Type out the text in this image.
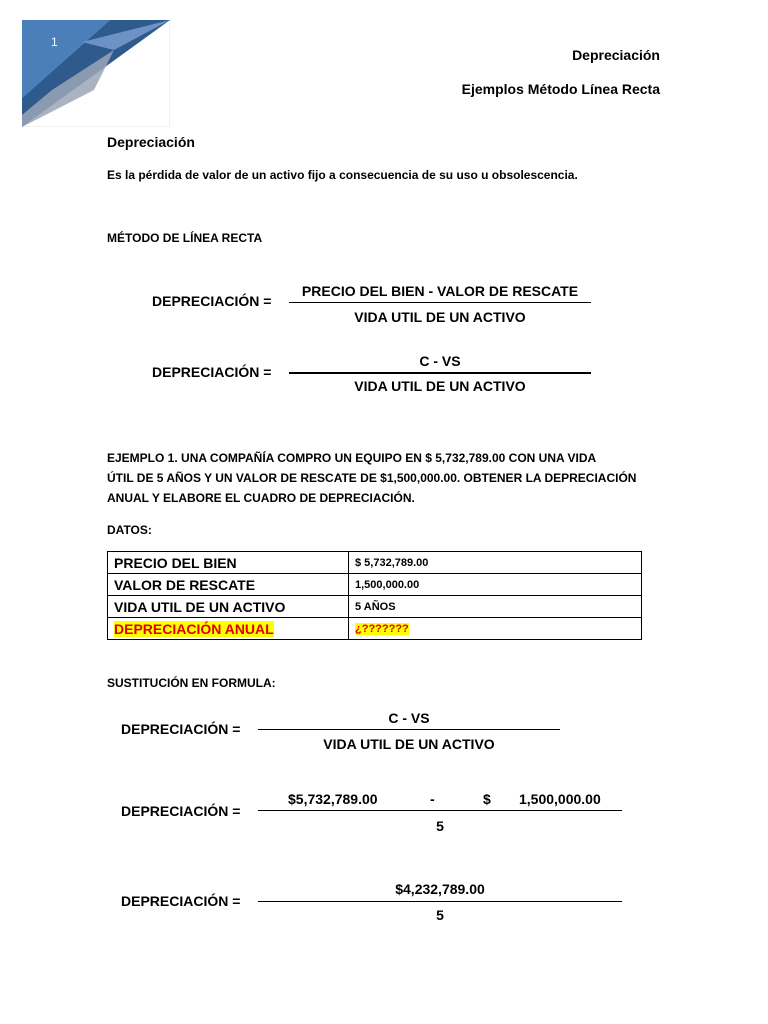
1
Depreciación
Ejemplos Método Línea Recta
Depreciación
Es la pérdida de valor de un activo fijo a consecuencia de su uso u obsolescencia.
MÉTODO DE LÍNEA RECTA
DEPRECIACIÓN =
PRECIO DEL BIEN - VALOR DE RESCATE
VIDA UTIL DE UN ACTIVO
DEPRECIACIÓN =
C - VS
VIDA UTIL DE UN ACTIVO
EJEMPLO 1. UNA COMPAÑÍA COMPRO UN EQUIPO EN $ 5,732,789.00 CON UNA VIDA
ÚTIL DE 5 AÑOS Y UN VALOR DE RESCATE DE $1,500,000.00. OBTENER LA DEPRECIACIÓN
ANUAL Y ELABORE EL CUADRO DE DEPRECIACIÓN.
DATOS:
PRECIO DEL BIEN	$ 5,732,789.00
VALOR DE RESCATE	1,500,000.00
VIDA UTIL DE UN ACTIVO	5 AÑOS
DEPRECIACIÓN ANUAL	¿???????
SUSTITUCIÓN EN FORMULA:
DEPRECIACIÓN =
C - VS
VIDA UTIL DE UN ACTIVO
DEPRECIACIÓN =
$5,732,789.00	-	$ 1,500,000.00
5
DEPRECIACIÓN =
$4,232,789.00
5
